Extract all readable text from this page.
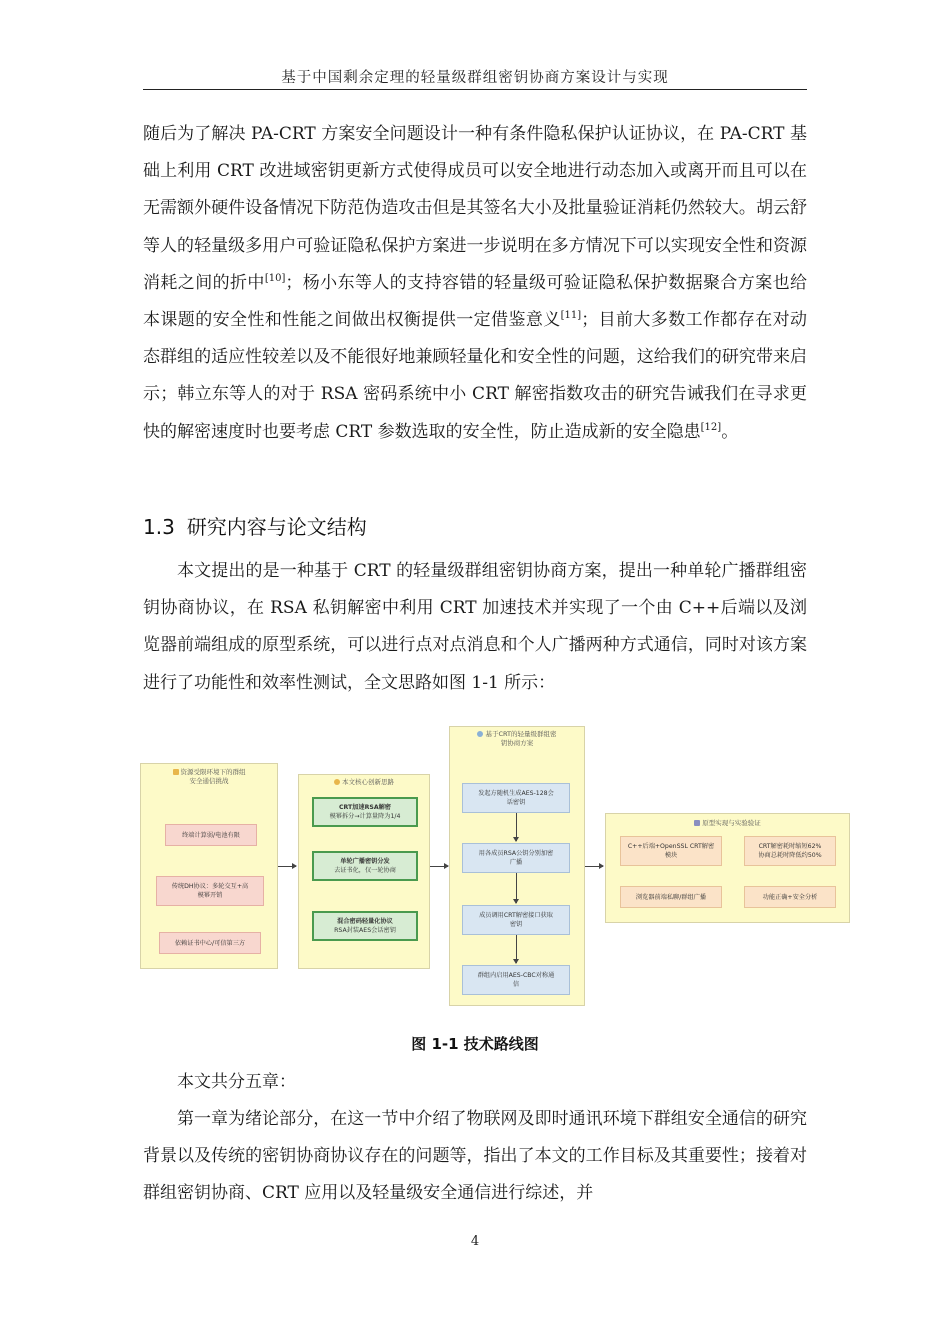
基于中国剩余定理的轻量级群组密钥协商方案设计与实现

随后为了解决 PA-CRT 方案安全问题设计一种有条件隐私保护认证协议，在 PA-CRT 基础上利用 CRT 改进域密钥更新方式使得成员可以安全地进行动态加入或离开而且可以在无需额外硬件设备情况下防范伪造攻击但是其签名大小及批量验证消耗仍然较大。胡云舒等人的轻量级多用户可验证隐私保护方案进一步说明在多方情况下可以实现安全性和资源消耗之间的折中[10]；杨小东等人的支持容错的轻量级可验证隐私保护数据聚合方案也给本课题的安全性和性能之间做出权衡提供一定借鉴意义[11]；目前大多数工作都存在对动态群组的适应性较差以及不能很好地兼顾轻量化和安全性的问题，这给我们的研究带来启示；韩立东等人的对于 RSA 密码系统中小 CRT 解密指数攻击的研究告诫我们在寻求更快的解密速度时也要考虑 CRT 参数选取的安全性，防止造成新的安全隐患[12]。

1.3 研究内容与论文结构

本文提出的是一种基于 CRT 的轻量级群组密钥协商方案，提出一种单轮广播群组密钥协商协议，在 RSA 私钥解密中利用 CRT 加速技术并实现了一个由 C++后端以及浏览器前端组成的原型系统，可以进行点对点消息和个人广播两种方式通信，同时对该方案进行了功能性和效率性测试，全文思路如图 1-1 所示：

资源受限环境下的群组
安全通信挑战
终端计算弱/电池有限
传统DH协议：多轮交互+高
模幂开销
依赖证书中心/可信第三方
本文核心创新思路
CRT加速RSA解密
模幂拆分→计算量降为1/4
单轮广播密钥分发
去证书化，仅一轮协商
混合密码轻量化协议
RSA封装AES会话密钥
基于CRT的轻量级群组密
钥协商方案
发起方随机生成AES-128会
话密钥
用各成员RSA公钥分别加密
广播
成员调用CRT解密接口获取
密钥
群组内启用AES-CBC对称通
信
原型实现与实验验证
C++后端+OpenSSL CRT解密
模块
CRT解密耗时缩短62%
协商总耗时降低约50%
浏览器前端私聊/群组广播	功能正确+安全分析
图 1-1 技术路线图

本文共分五章：

第一章为绪论部分，在这一节中介绍了物联网及即时通讯环境下群组安全通信的研究背景以及传统的密钥协商协议存在的问题等，指出了本文的工作目标及其重要性；接着对群组密钥协商、CRT 应用以及轻量级安全通信进行综述，并

4
